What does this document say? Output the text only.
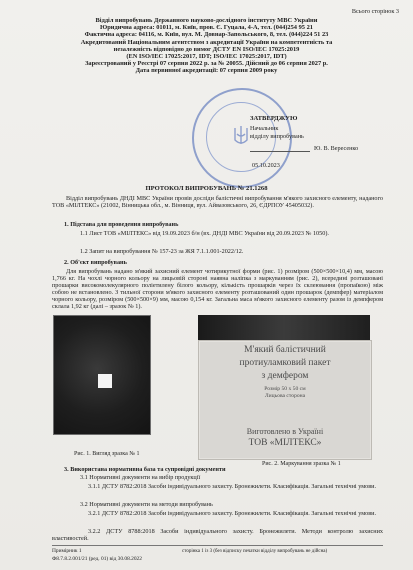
Всього сторінок 3
Відділ випробувань Державного науково-дослідного інституту МВС України
Юридична адреса: 01011, м. Київ, пров. Є. Гуцала, 4-А, тел. (044)254 95 21
Фактична адреса: 04116, м. Київ, вул. М. Довнар-Запольського, 8, тел. (044)224 51 23
Акредитований Національним агентством з акредитації України на компетентність та
незалежність відповідно до вимог ДСТУ EN ISO/IEC 17025:2019
(EN ISO/IEC 17025:2017, IDT; ISO/IEC 17025:2017, IDT)
Зареєстрований у Реєстрі 07 серпня 2022 р. за № 20055. Дійсний до 06 серпня 2027 р.
Дата первинної акредитації: 07 серпня 2009 року
ЗАТВЕРДЖУЮ
Начальник
відділу випробувань
Ю. В. Вересенко
05.10.2023
ПРОТОКОЛ ВИПРОБУВАНЬ № 21.1268
Відділ випробувань ДНДІ МВС України провів досліди балістичні випробування м'якого захисного елементу, наданого ТОВ «МІЛТЕКС» (21002, Вінницька обл., м. Вінниця, вул. Айвазовського, 26, ЄДРПОУ 45405032).
1. Підстава для проведення випробувань
1.1 Лист ТОВ «МІЛТЕКС» від 19.09.2023 б/н (вх. ДНДІ МВС України від 20.09.2023 № 1050).
1.2 Запит на випробування № 157-23 за ЖЯ 7.1.1.001-2022/12.
2. Об'єкт випробувань
Для випробувань надано м'який захисний елемент чотирикутної форми (рис. 1) розміром (500×500×10,4) мм, масою 1,766 кг. На чохлі чорного кольору на лицьовій стороні наявна наліпка з маркуванням (рис. 2), всередині розташовані прошарки високомолекулярного поліетилену білого кольору, кількість прошарків через їх склеювання (пропаїкою) між собою не встановлено. З тильної сторони м'якого захисного елементу розташований один прошарок (демпфер) матеріалом чорного кольору, розміром (500×500×9) мм, масою 0,154 кг. Загальна маса м'якого захисного елементу разом із демпфером склала 1,92 кг (далі – зразок № 1).
М'який балістичний
протиуламковий пакет
з демфером
Розмір 50 х 50 см
Лицьова сторона
Виготовлено в Україні
ТОВ «МІЛТЕКС»
Рис. 1. Вигляд зразка № 1
Рис. 2. Маркування зразка № 1
3. Використана нормативна база та супровідні документи
3.1 Нормативні документи на вибір продукції
3.1.1 ДСТУ 8782:2018 Засоби індивідуального захисту. Бронежилети. Класифікація. Загальні технічні умови.
3.2 Нормативні документи на методи випробувань
3.2.1 ДСТУ 8782:2018 Засоби індивідуального захисту. Бронежилети. Класифікація. Загальні технічні умови.
3.2.2 ДСТУ 8788:2018 Засоби індивідуального захисту. Бронежилети. Методи контролю захисних властивостей.
Примірник 1
Ф8.7.8.2.001/21 (ред. 01) від 30.08.2022
сторінка 1 із 3 (без відписку печатки відділу випробувань не дійсна)
